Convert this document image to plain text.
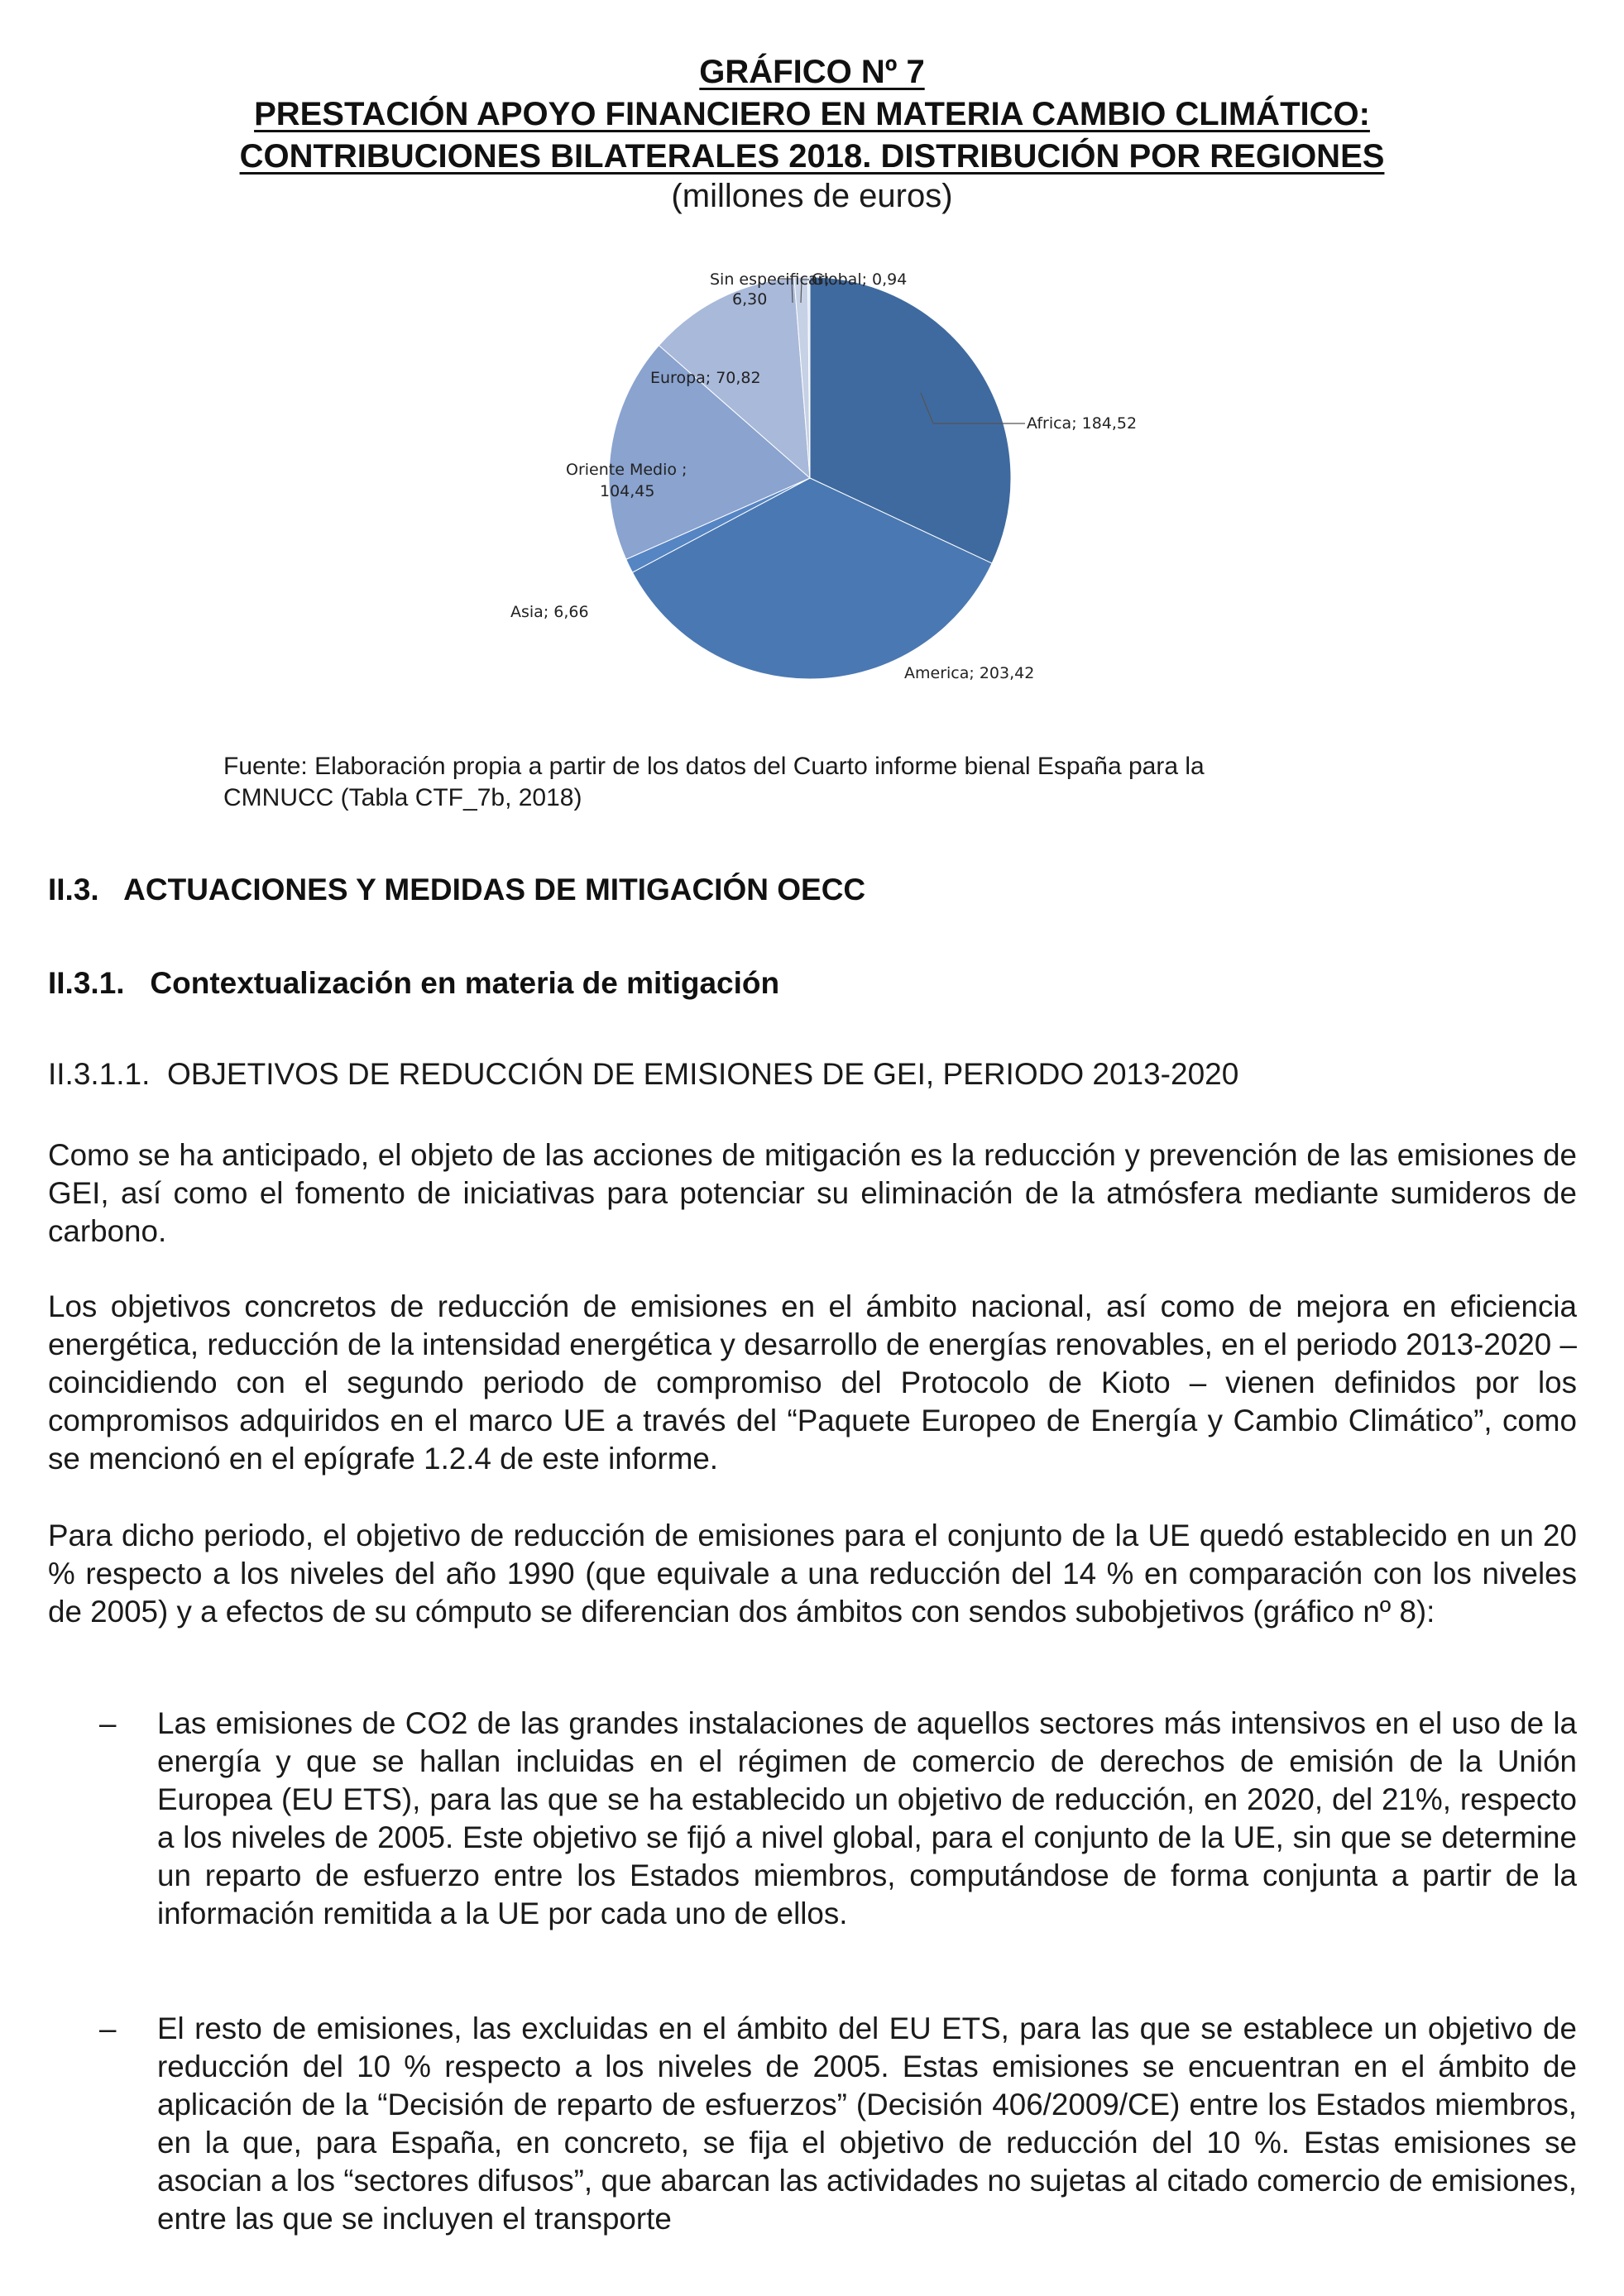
GRÁFICO Nº 7
PRESTACIÓN APOYO FINANCIERO EN MATERIA CAMBIO CLIMÁTICO:
CONTRIBUCIONES BILATERALES 2018. DISTRIBUCIÓN POR REGIONES
(millones de euros)
Sin especificar;
6,30
Global; 0,94
Africa; 184,52
Europa; 70,82
Oriente Medio ;
104,45
Asia; 6,66
America; 203,42
Fuente: Elaboración propia a partir de los datos del Cuarto informe bienal España para la
CMNUCC (Tabla CTF_7b, 2018)
II.3.   ACTUACIONES Y MEDIDAS DE MITIGACIÓN OECC
II.3.1.   Contextualización en materia de mitigación
II.3.1.1.  OBJETIVOS DE REDUCCIÓN DE EMISIONES DE GEI, PERIODO 2013-2020
Como se ha anticipado, el objeto de las acciones de mitigación es la reducción y prevención de las emisiones de GEI, así como el fomento de iniciativas para potenciar su eliminación de la atmósfera mediante sumideros de carbono.
Los objetivos concretos de reducción de emisiones en el ámbito nacional, así como de mejora en eficiencia energética, reducción de la intensidad energética y desarrollo de energías renovables, en el periodo 2013-2020 – coincidiendo con el segundo periodo de compromiso del Protocolo de Kioto – vienen definidos por los compromisos adquiridos en el marco UE a través del “Paquete Europeo de Energía y Cambio Climático”, como se mencionó en el epígrafe 1.2.4 de este informe.
Para dicho periodo, el objetivo de reducción de emisiones para el conjunto de la UE quedó establecido en un 20 % respecto a los niveles del año 1990 (que equivale a una reducción del 14 % en comparación con los niveles de 2005) y a efectos de su cómputo se diferencian dos ámbitos con sendos subobjetivos (gráfico nº 8):
– Las emisiones de CO2 de las grandes instalaciones de aquellos sectores más intensivos en el uso de la energía y que se hallan incluidas en el régimen de comercio de derechos de emisión de la Unión Europea (EU ETS), para las que se ha establecido un objetivo de reducción, en 2020, del 21%, respecto a los niveles de 2005. Este objetivo se fijó a nivel global, para el conjunto de la UE, sin que se determine un reparto de esfuerzo entre los Estados miembros, computándose de forma conjunta a partir de la información remitida a la UE por cada uno de ellos.
– El resto de emisiones, las excluidas en el ámbito del EU ETS, para las que se establece un objetivo de reducción del 10 % respecto a los niveles de 2005. Estas emisiones se encuentran en el ámbito de aplicación de la “Decisión de reparto de esfuerzos” (Decisión 406/2009/CE) entre los Estados miembros, en la que, para España, en concreto, se fija el objetivo de reducción del 10 %. Estas emisiones se asocian a los “sectores difusos”, que abarcan las actividades no sujetas al citado comercio de emisiones, entre las que se incluyen el transporte
